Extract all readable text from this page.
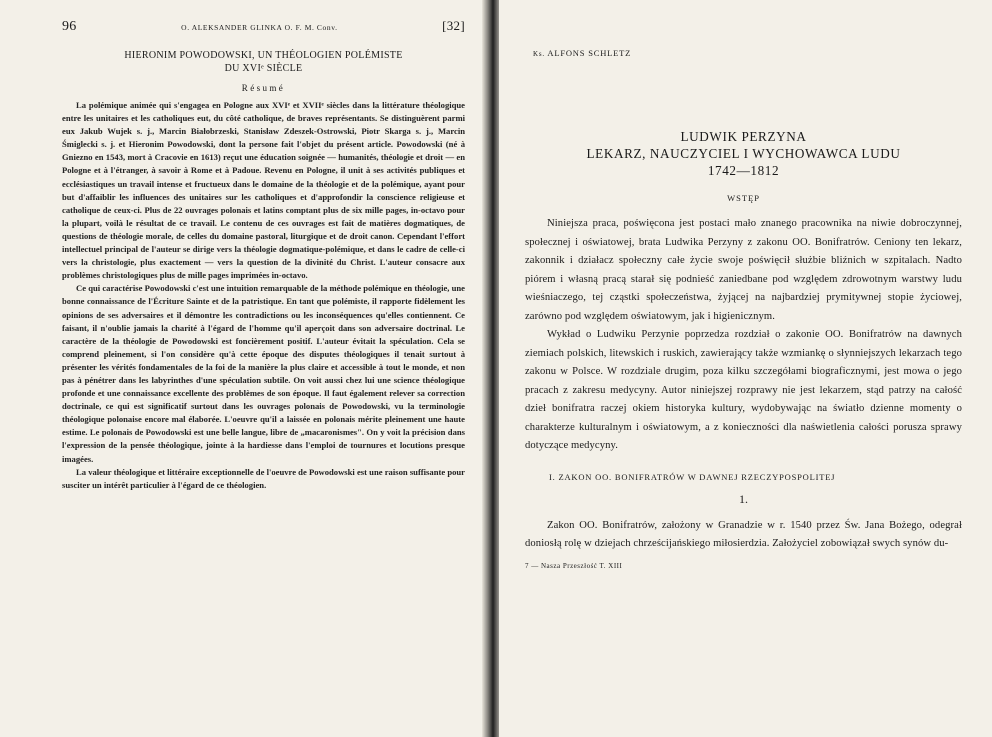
96	O. ALEKSANDER GLINKA O. F. M. Conv.	[32]
HIERONIM POWODOWSKI, UN THÉOLOGIEN POLÉMISTE
DU XVIᵉ SIÈCLE
Résumé

La polémique animée qui s'engagea en Pologne aux XVIᵉ et XVIIᵉ siècles dans la littérature théologique entre les unitaires et les catholiques eut, du côté catholique, de braves représentants. Se distinguèrent parmi eux Jakub Wujek s. j., Marcin Białobrzeski, Stanisław Zdeszek-Ostrowski, Piotr Skarga s. j., Marcin Śmiglecki s. j. et Hieronim Powodowski, dont la persone fait l'objet du présent article. Powodowski (né à Gniezno en 1543, mort à Cracovie en 1613) reçut une éducation soignée — humanités, théologie et droit — en Pologne et à l'étranger, à savoir à Rome et à Padoue. Revenu en Pologne, il unit à ses activités publiques et ecclésiastiques un travail intense et fructueux dans le domaine de la théologie et de la polémique, ayant pour but d'affaiblir les influences des unitaires sur les catholiques et d'approfondir la conscience religieuse et catholique de ceux-ci. Plus de 22 ouvrages polonais et latins comptant plus de six mille pages, in-octavo pour la plupart, voilà le résultat de ce travail. Le contenu de ces ouvrages est fait de matières dogmatiques, de questions de théologie morale, de celles du domaine pastoral, liturgique et de droit canon. Cependant l'effort intellectuel principal de l'auteur se dirige vers la théologie dogmatique-polémique, et dans le cadre de celle-ci vers la christologie, plus exactement — vers la question de la divinité du Christ. L'auteur consacre aux problèmes christologiques plus de mille pages imprimées in-octavo.

Ce qui caractérise Powodowski c'est une intuition remarquable de la méthode polémique en théologie, une bonne connaissance de l'Écriture Sainte et de la patristique. En tant que polémiste, il rapporte fidèlement les opinions de ses adversaires et il démontre les contradictions ou les inconséquences qu'elles contiennent. Ce faisant, il n'oublie jamais la charité à l'égard de l'homme qu'il aperçoit dans son adversaire doctrinal. Le caractère de la théologie de Powodowski est foncièrement positif. L'auteur évitait la spéculation. Cela se comprend pleinement, si l'on considère qu'à cette époque des disputes théologiques il tenait surtout à présenter les vérités fondamentales de la foi de la manière la plus claire et accessible à tout le monde, et non pas à pénétrer dans les labyrinthes d'une spéculation subtile. On voit aussi chez lui une science théologique profonde et une connaissance excellente des problèmes de son époque. Il faut également relever sa correction doctrinale, ce qui est significatif surtout dans les ouvrages polonais de Powodowski, vu la terminologie théologique polonaise encore mal élaborée. L'oeuvre qu'il a laissée en polonais mérite pleinement une haute estime. Le polonais de Powodowski est une belle langue, libre de „macaronismes". On y voit la précision dans l'expression de la pensée théologique, jointe à la hardiesse dans l'emploi de tournures et locutions presque imagées.

La valeur théologique et littéraire exceptionnelle de l'oeuvre de Powodowski est une raison suffisante pour susciter un intérêt particulier à l'égard de ce théologien.

Ks. ALFONS SCHLETZ
LUDWIK PERZYNA
LEKARZ, NAUCZYCIEL I WYCHOWAWCA LUDU
1742—1812
WSTĘP

Niniejsza praca, poświęcona jest postaci mało znanego pracownika na niwie dobroczynnej, społecznej i oświatowej, brata Ludwika Perzyny z zakonu OO. Bonifratrów. Ceniony ten lekarz, zakonnik i działacz społeczny całe życie swoje poświęcił służbie bliźnich w szpitalach. Nadto piórem i własną pracą starał się podnieść zaniedbane pod względem zdrowotnym warstwy ludu wieśniaczego, tej cząstki społeczeństwa, żyjącej na najbardziej prymitywnej stopie życiowej, zarówno pod względem oświatowym, jak i higienicznym.

Wykład o Ludwiku Perzynie poprzedza rozdział o zakonie OO. Bonifratrów na dawnych ziemiach polskich, litewskich i ruskich, zawierający także wzmiankę o słynniejszych lekarzach tego zakonu w Polsce. W rozdziale drugim, poza kilku szczegółami biograficznymi, jest mowa o jego pracach z zakresu medycyny. Autor niniejszej rozprawy nie jest lekarzem, stąd patrzy na całość dzieł bonifratra raczej okiem historyka kultury, wydobywając na światło dzienne momenty o charakterze kulturalnym i oświatowym, a z konieczności dla naświetlenia całości porusza sprawy dotyczące medycyny.

I. ZAKON OO. BONIFRATRÓW W DAWNEJ RZECZYPOSPOLITEJ
1.

Zakon OO. Bonifratrów, założony w Granadzie w r. 1540 przez Św. Jana Bożego, odegrał doniosłą rolę w dziejach chrześcijańskiego miłosierdzia. Założyciel zobowiązał swych synów du-

7 — Nasza Przeszłość T. XIII
